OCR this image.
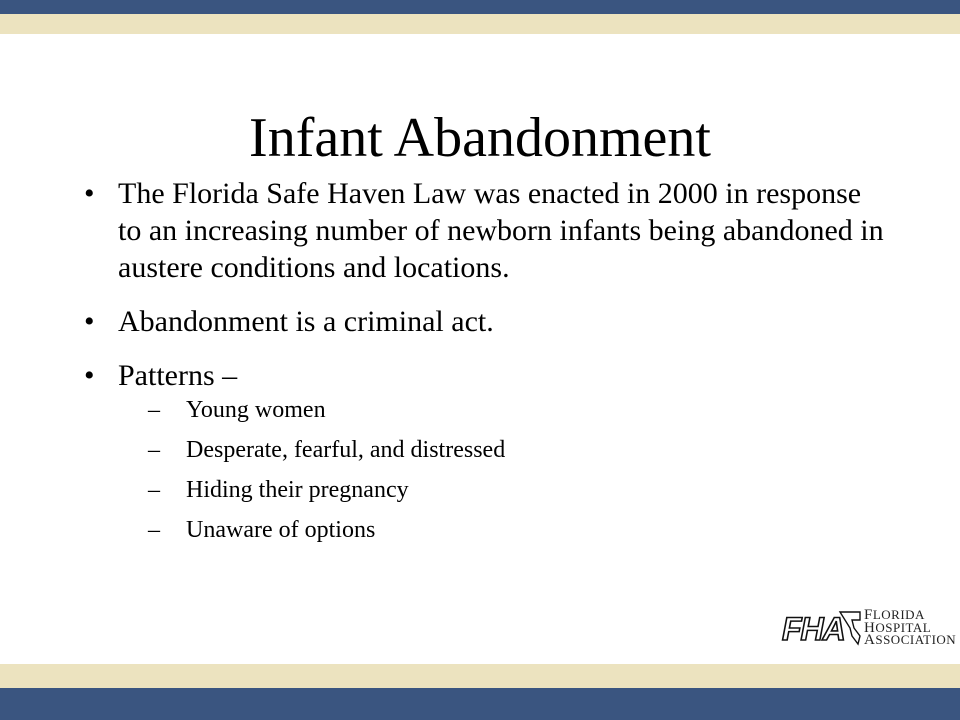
Infant Abandonment
• The Florida Safe Haven Law was enacted in 2000 in response to an increasing number of newborn infants being abandoned in austere conditions and locations.
• Abandonment is a criminal act.
• Patterns –
– Young women
– Desperate, fearful, and distressed
– Hiding their pregnancy
– Unaware of options
FHA FLORIDA
HOSPITAL
ASSOCIATION
